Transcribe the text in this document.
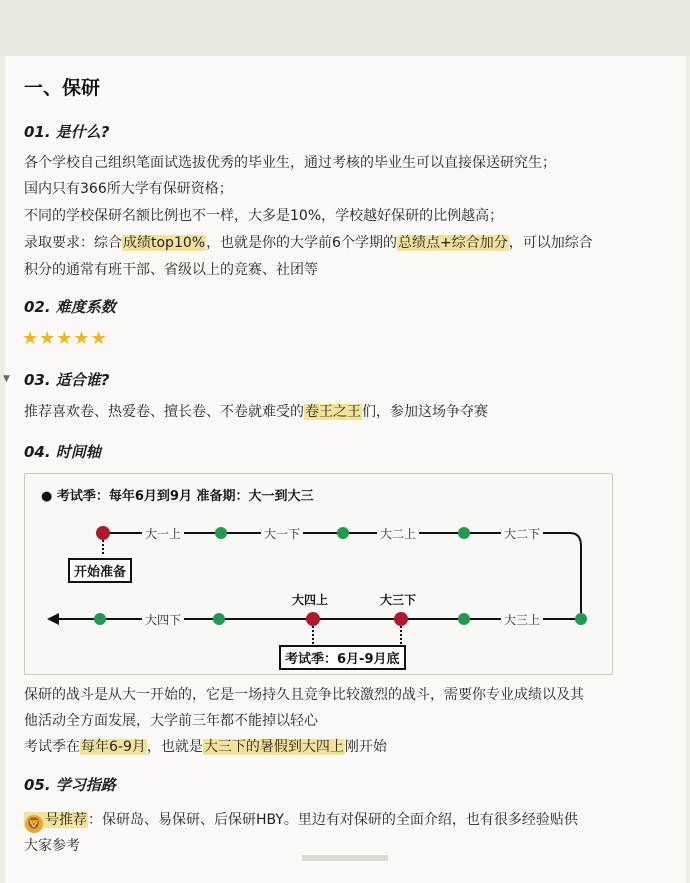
一、保研
01. 是什么?
各个学校自己组织笔面试选拔优秀的毕业生，通过考核的毕业生可以直接保送研究生；
国内只有366所大学有保研资格；
不同的学校保研名额比例也不一样，大多是10%，学校越好保研的比例越高；
录取要求：综合成绩top10%，也就是你的大学前6个学期的总绩点+综合加分，可以加综合
积分的通常有班干部、省级以上的竞赛、社团等
02. 难度系数
★★★★★
▼ 03. 适合谁?
推荐喜欢卷、热爱卷、擅长卷、不卷就难受的卷王之王们，参加这场争夺赛
04. 时间轴
● 考试季：每年6月到9月 准备期：大一到大三
大一上	大一下	大二上	大二下
大四下	大三上
大四上	大三下
开始准备
考试季：6月-9月底
保研的战斗是从大一开始的，它是一场持久且竞争比较激烈的战斗，需要你专业成绩以及其
他活动全方面发展，大学前三年都不能掉以轻心
考试季在每年6-9月，也就是大三下的暑假到大四上刚开始
05. 学习指路
🦁 号推荐：保研岛、易保研、后保研HBY。里边有对保研的全面介绍，也有很多经验贴供
大家参考
